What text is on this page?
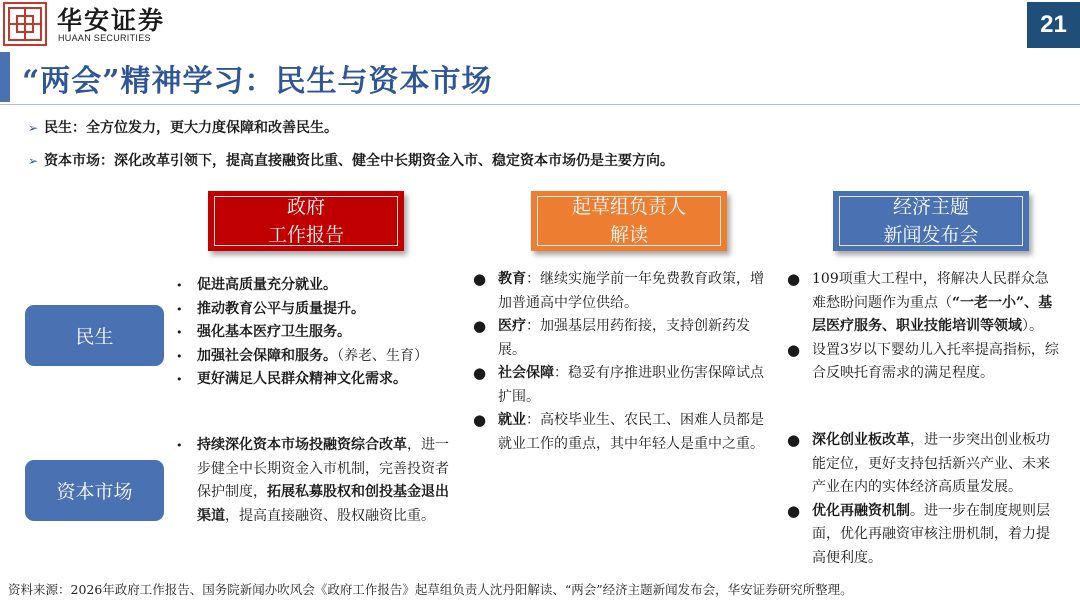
华安证券
HUAAN SECURITIES	21
“两会”精神学习：民生与资本市场
➢ 民生：全方位发力，更大力度保障和改善民生。
➢ 资本市场：深化改革引领下，提高直接融资比重、健全中长期资金入市、稳定资本市场仍是主要方向。
政府
工作报告
起草组负责人
解读
经济主题
新闻发布会
民生
资本市场
• 促进高质量充分就业。
• 推动教育公平与质量提升。
• 强化基本医疗卫生服务。
• 加强社会保障和服务。（养老、生育）
• 更好满足人民群众精神文化需求。
• 持续深化资本市场投融资综合改革，进一步健全中长期资金入市机制，完善投资者保护制度，拓展私募股权和创投基金退出渠道，提高直接融资、股权融资比重。
● 教育：继续实施学前一年免费教育政策，增加普通高中学位供给。
● 医疗：加强基层用药衔接，支持创新药发展。
● 社会保障：稳妥有序推进职业伤害保障试点扩围。
● 就业：高校毕业生、农民工、困难人员都是就业工作的重点，其中年轻人是重中之重。
● 109项重大工程中，将解决人民群众急难愁盼问题作为重点（“一老一小”、基层医疗服务、职业技能培训等领域）。
● 设置3岁以下婴幼儿入托率提高指标，综合反映托育需求的满足程度。
● 深化创业板改革，进一步突出创业板功能定位，更好支持包括新兴产业、未来产业在内的实体经济高质量发展。
● 优化再融资机制。进一步在制度规则层面，优化再融资审核注册机制，着力提高便利度。
资料来源：2026年政府工作报告、国务院新闻办吹风会《政府工作报告》起草组负责人沈丹阳解读、“两会”经济主题新闻发布会，华安证券研究所整理。
